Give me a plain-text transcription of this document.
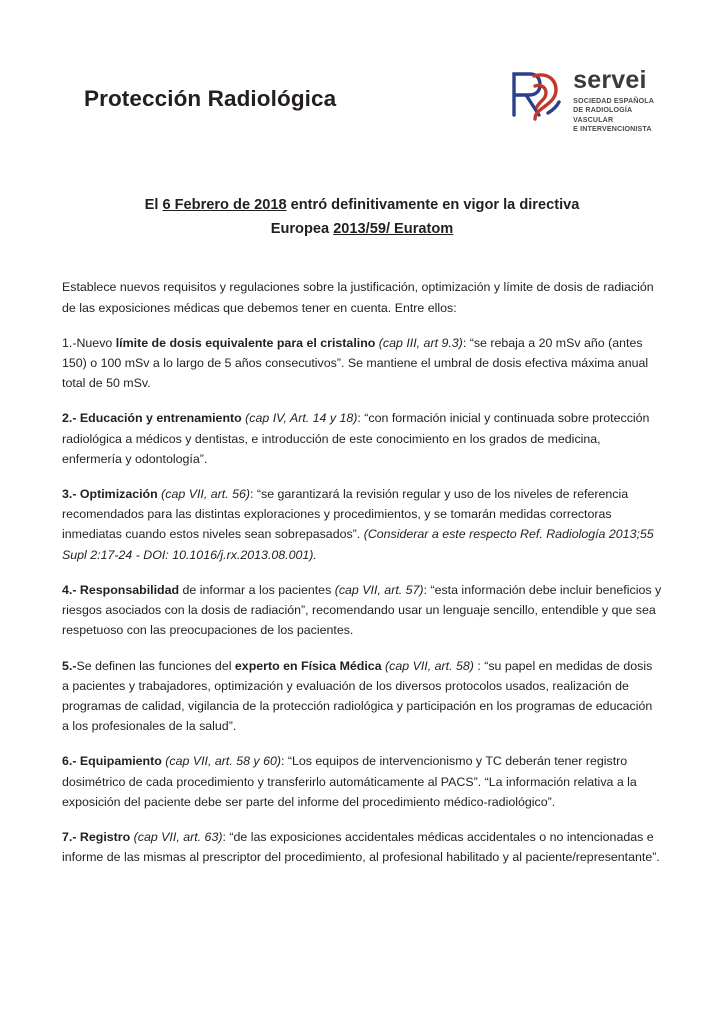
Protección Radiológica
servei
SOCIEDAD ESPAÑOLA
DE RADIOLOGÍA
VASCULAR
E INTERVENCIONISTA
El 6 Febrero de 2018 entró definitivamente en vigor la directiva
Europea 2013/59/ Euratom

Establece nuevos requisitos y regulaciones sobre la justificación, optimización y límite de dosis de radiación de las exposiciones médicas que debemos tener en cuenta. Entre ellos:

1.-Nuevo límite de dosis equivalente para el cristalino (cap III, art 9.3): “se rebaja a 20 mSv año (antes 150) o 100 mSv a lo largo de 5 años consecutivos”. Se mantiene el umbral de dosis efectiva máxima anual total de 50 mSv.

2.- Educación y entrenamiento (cap IV, Art. 14 y 18): “con formación inicial y continuada sobre protección radiológica a médicos y dentistas, e introducción de este conocimiento en los grados de medicina, enfermería y odontología”.

3.- Optimización (cap VII, art. 56): “se garantizará la revisión regular y uso de los niveles de referencia recomendados para las distintas exploraciones y procedimientos, y se tomarán medidas correctoras inmediatas cuando estos niveles sean sobrepasados”. (Considerar a este respecto Ref. Radiología 2013;55 Supl 2:17-24 - DOI: 10.1016/j.rx.2013.08.001).

4.- Responsabilidad de informar a los pacientes (cap VII, art. 57): “esta información debe incluir beneficios y riesgos asociados con la dosis de radiación”, recomendando usar un lenguaje sencillo, entendible y que sea respetuoso con las preocupaciones de los pacientes.

5.-Se definen las funciones del experto en Física Médica (cap VII, art. 58) : “su papel en medidas de dosis a pacientes y trabajadores, optimización y evaluación de los diversos protocolos usados, realización de programas de calidad, vigilancia de la protección radiológica y participación en los programas de educación a los profesionales de la salud”.

6.- Equipamiento (cap VII, art. 58 y 60): “Los equipos de intervencionismo y TC deberán tener registro dosimétrico de cada procedimiento y transferirlo automáticamente al PACS”. “La información relativa a la exposición del paciente debe ser parte del informe del procedimiento médico-radiológico”.

7.- Registro (cap VII, art. 63): “de las exposiciones accidentales médicas accidentales o no intencionadas e informe de las mismas al prescriptor del procedimiento, al profesional habilitado y al paciente/representante”.
